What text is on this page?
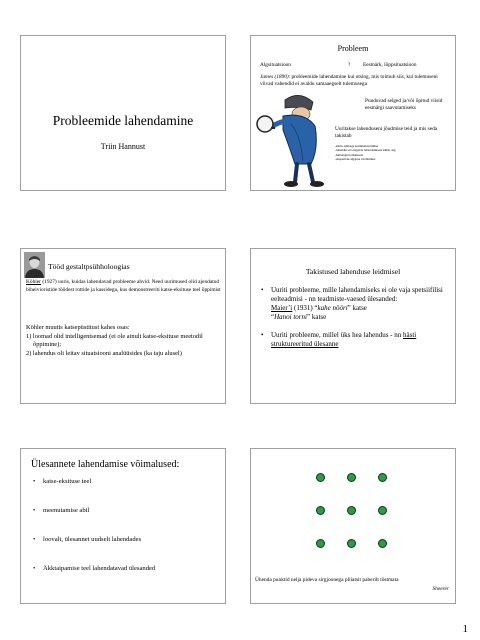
Probleemide lahendamine
Triin Hannust
Probleem
Algsituatsioon	? Eesmärk, lõppsituatsioon
James (1890): probleemide lahendamine kui otsing, mis toimub siis, kui tulemuseni viivad vahendid ei avaldu samaaegselt tulemusega
Puuduvad selged ja/või õpitud viisid eesmärgi saavutamiseks
Uuritakse lahenduseni jõudmise teid ja mis seda takistab
-käitu- käibega kommenteerimine
-lahendus eri etappide lahendamisele kiiher aeg
-hinnangud edukusele
-ekspertide-algajate võrdlemine
Tööd gestaltpsühholoogias
Köhler (1927) uuris, kuidas lahendavad probleeme ahvid. Need uurimused olid ajendatud biheivioristide töödest rottide ja kassidega, kus demonstreeriti katse-eksituse teel õppimist
Köhler muutis katsepüstitust kahes osas:
1) loomad olid intelligentsemad (ei ole ainult katse-eksituse meetodil õppimine);
2) lahendus oli leitav situatsiooni analüüsides (ka taju alusel)
Takistused lahenduse leidmisel
• Uuriti probleeme, mille lahendamiseks ei ole vaja spetsiifilisi eelteadmisi - nn teadmiste-vaesed ülesanded:
Maier’i (1931) “kahe nööri” katse
“Hanoi torni” katse
• Uuriti probleeme, millel üks hea lahendus - nn hästi struktureeritud ülesanne
Ülesannete lahendamise võimalused:
• katse-eksituse teel
• meenutamise abil
• loovalt, ülesannet uudselt lahendades
• Äkktaipamise teel lahendatavad ülesanded
Ühenda punktid nelja pideva sirgjoonega pliiatsit paberilt tõstmata
Sheerer
1
